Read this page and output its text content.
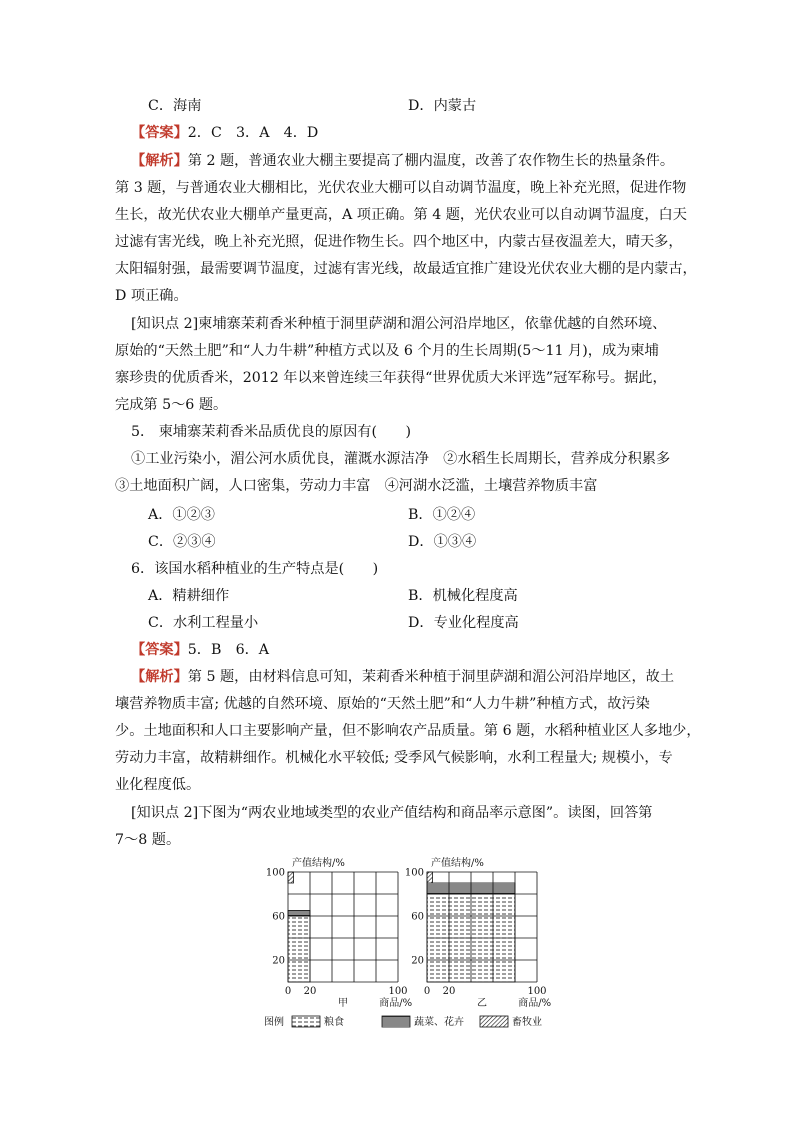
C．海南	D．内蒙古
【答案】2．C　3．A　4．D
【解析】第 2 题，普通农业大棚主要提高了棚内温度，改善了农作物生长的热量条件。
第 3 题，与普通农业大棚相比，光伏农业大棚可以自动调节温度，晚上补充光照，促进作物
生长，故光伏农业大棚单产量更高，A 项正确。第 4 题，光伏农业可以自动调节温度，白天
过滤有害光线，晚上补充光照，促进作物生长。四个地区中，内蒙古昼夜温差大，晴天多，
太阳辐射强，最需要调节温度，过滤有害光线，故最适宜推广建设光伏农业大棚的是内蒙古，
D 项正确。
[知识点 2]柬埔寨茉莉香米种植于洞里萨湖和湄公河沿岸地区，依靠优越的自然环境、
原始的“天然土肥”和“人力牛耕”种植方式以及 6 个月的生长周期(5～11 月)，成为柬埔
寨珍贵的优质香米，2012 年以来曾连续三年获得“世界优质大米评选”冠军称号。据此，
完成第 5～6 题。
5． 柬埔寨茉莉香米品质优良的原因有(　　)
①工业污染小，湄公河水质优良，灌溉水源洁净　②水稻生长周期长，营养成分积累多
③土地面积广阔，人口密集，劳动力丰富　④河湖水泛滥，土壤营养物质丰富
A．①②③	B．①②④
C．②③④	D．①③④
6．该国水稻种植业的生产特点是(　　)
A．精耕细作	B．机械化程度高
C．水利工程量小	D．专业化程度高
【答案】5．B　6．A
【解析】第 5 题，由材料信息可知，茉莉香米种植于洞里萨湖和湄公河沿岸地区，故土
壤营养物质丰富; 优越的自然环境、原始的“天然土肥”和“人力牛耕”种植方式，故污染
少。土地面积和人口主要影响产量，但不影响农产品质量。第 6 题，水稻种植业区人多地少，
劳动力丰富，故精耕细作。机械化水平较低; 受季风气候影响，水利工程量大; 规模小，专
业化程度低。
[知识点 2]下图为“两农业地域类型的农业产值结构和商品率示意图”。读图，回答第
7～8 题。
产值结构/%
100
60
20
0 20	100
甲	商品/%
产值结构/%
100
60
20
0 20	100
乙	商品/%
图例	粮食	蔬菜、花卉	畜牧业
